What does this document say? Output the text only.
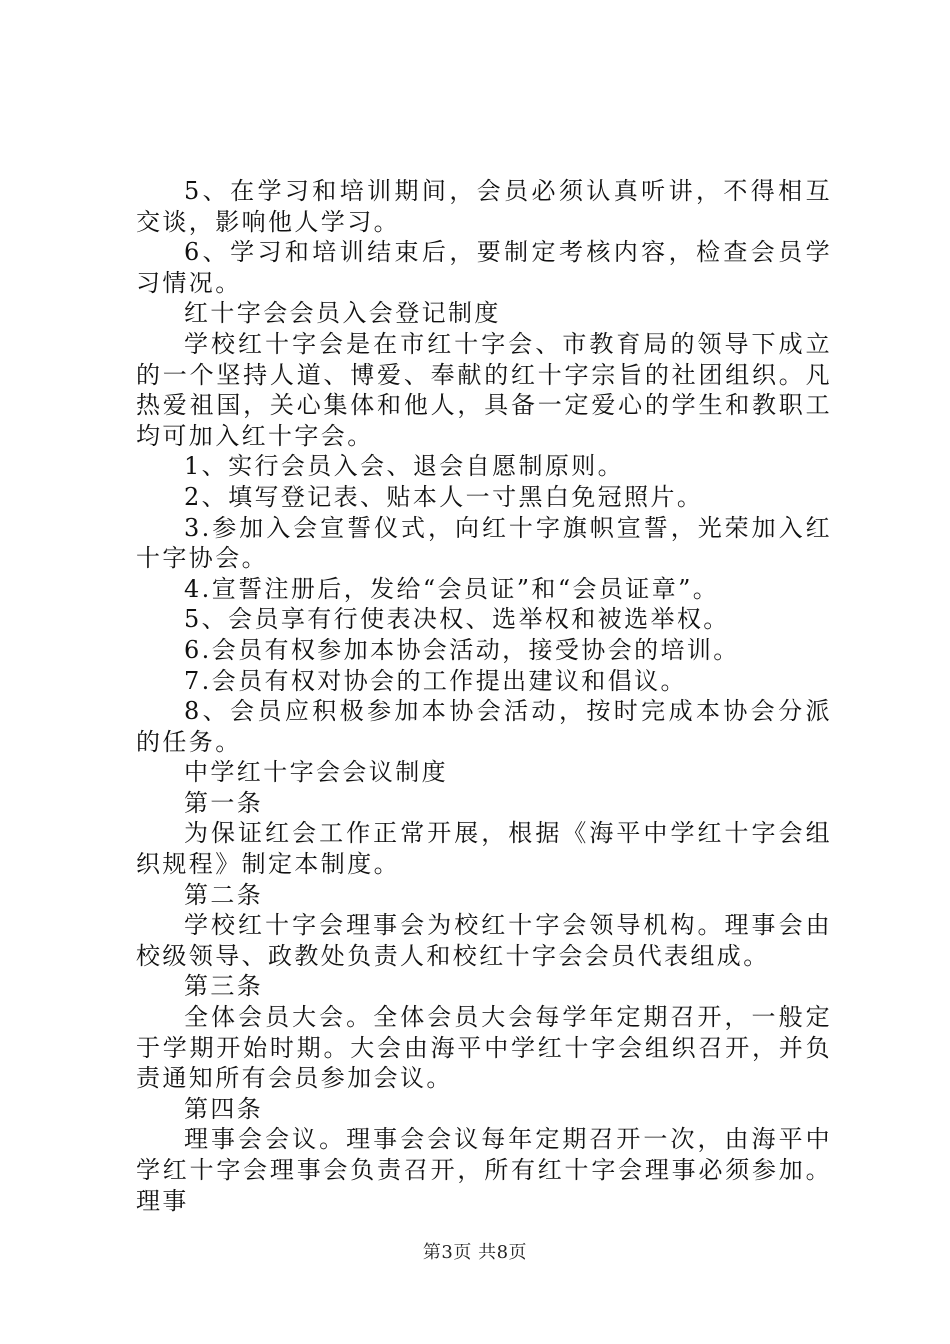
5、在学习和培训期间，会员必须认真听讲，不得相互交谈，影响他人学习。

6、学习和培训结束后，要制定考核内容，检查会员学习情况。

红十字会会员入会登记制度

学校红十字会是在市红十字会、市教育局的领导下成立的一个坚持人道、博爱、奉献的红十字宗旨的社团组织。凡热爱祖国，关心集体和他人，具备一定爱心的学生和教职工均可加入红十字会。

1、实行会员入会、退会自愿制原则。

2、填写登记表、贴本人一寸黑白免冠照片。

3.参加入会宣誓仪式，向红十字旗帜宣誓，光荣加入红十字协会。

4.宣誓注册后，发给“会员证”和“会员证章”。

5、会员享有行使表决权、选举权和被选举权。

6.会员有权参加本协会活动，接受协会的培训。

7.会员有权对协会的工作提出建议和倡议。

8、会员应积极参加本协会活动，按时完成本协会分派的任务。

中学红十字会会议制度

第一条

为保证红会工作正常开展，根据《海平中学红十字会组织规程》制定本制度。

第二条

学校红十字会理事会为校红十字会领导机构。理事会由校级领导、政教处负责人和校红十字会会员代表组成。

第三条

全体会员大会。全体会员大会每学年定期召开，一般定于学期开始时期。大会由海平中学红十字会组织召开，并负责通知所有会员参加会议。

第四条

理事会会议。理事会会议每年定期召开一次，由海平中学红十字会理事会负责召开，所有红十字会理事必须参加。理事

第3页 共8页
